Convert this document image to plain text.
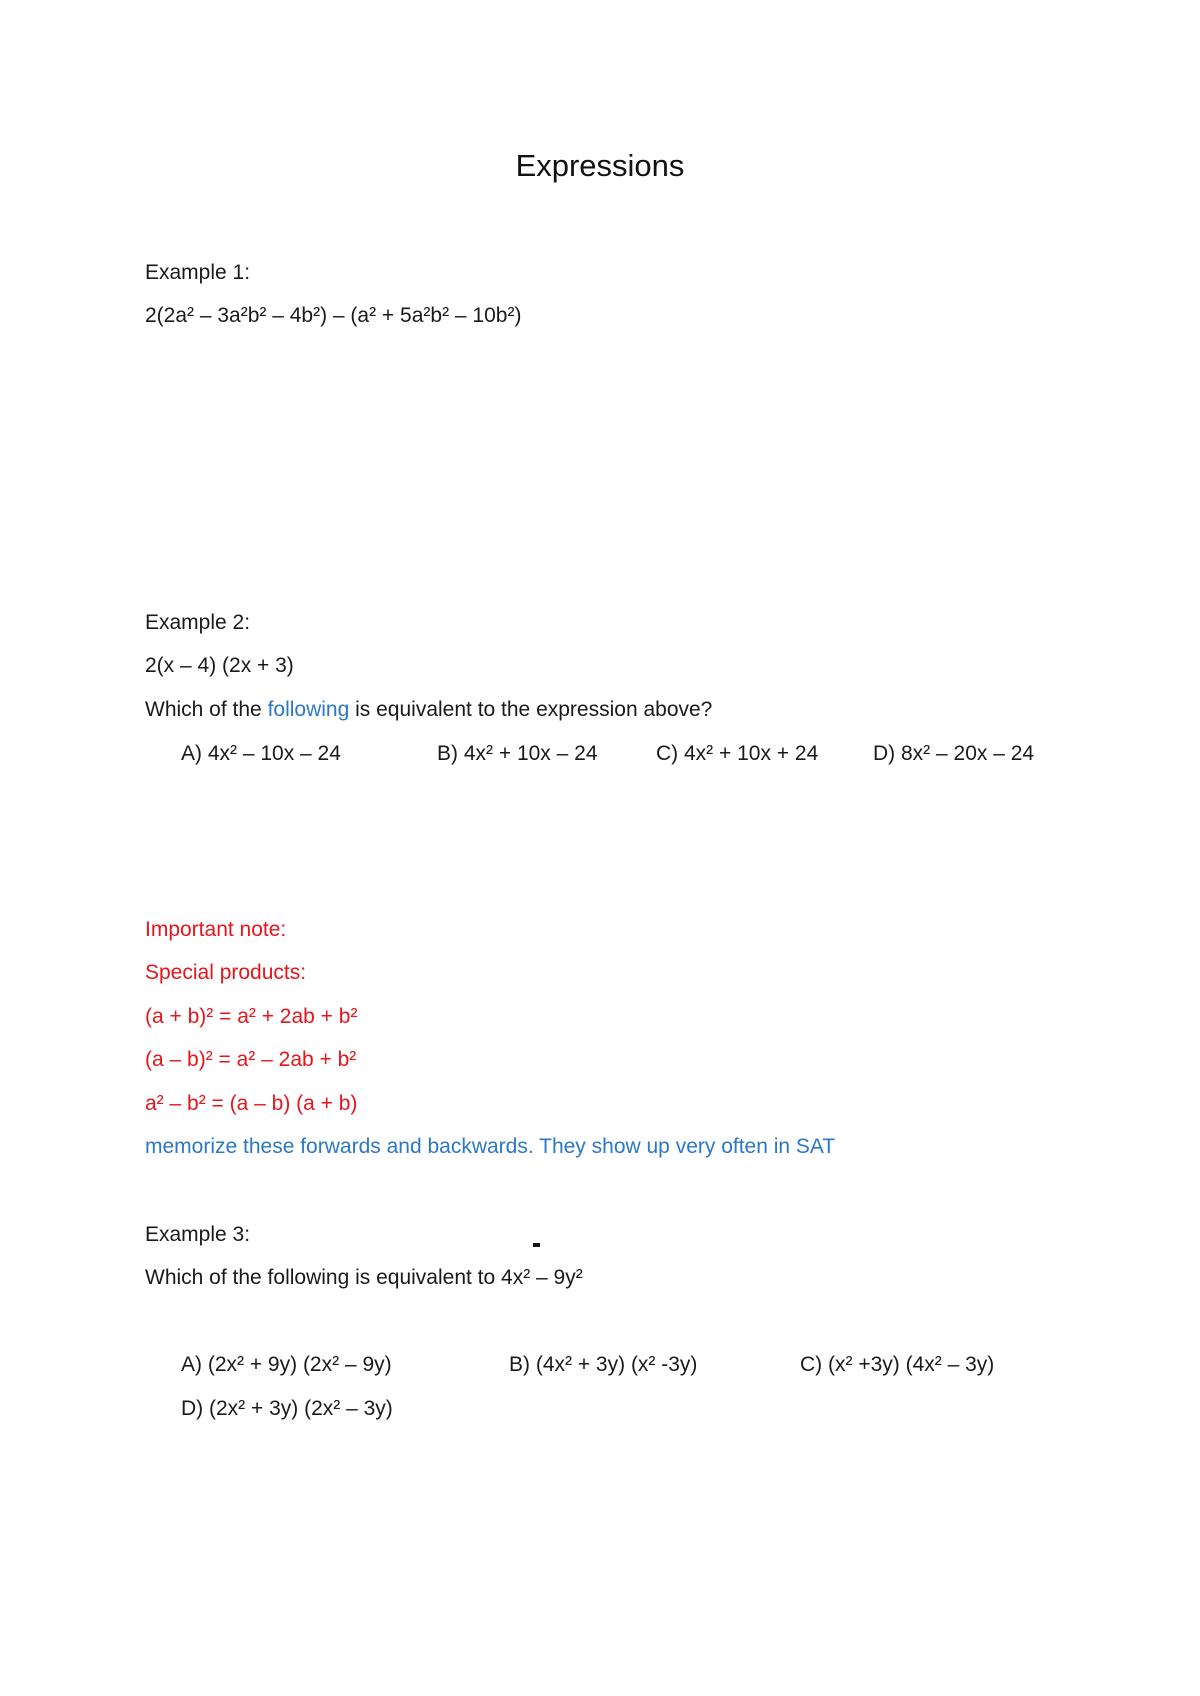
Expressions
Example 1:
2(2a² – 3a²b² – 4b²) – (a² + 5a²b² – 10b²)
Example 2:
2(x – 4) (2x + 3)
Which of the following is equivalent to the expression above?
A) 4x² – 10x – 24	B) 4x² + 10x – 24	C) 4x² + 10x + 24	D) 8x² – 20x – 24
Important note:
Special products:
(a + b)² = a² + 2ab + b²
(a – b)² = a² – 2ab + b²
a² – b² = (a – b) (a + b)
memorize these forwards and backwards. They show up very often in SAT
Example 3:
Which of the following is equivalent to 4x² – 9y²
A) (2x² + 9y) (2x² – 9y)	B) (4x² + 3y) (x² -3y)	C) (x² +3y) (4x² – 3y)
D) (2x² + 3y) (2x² – 3y)
